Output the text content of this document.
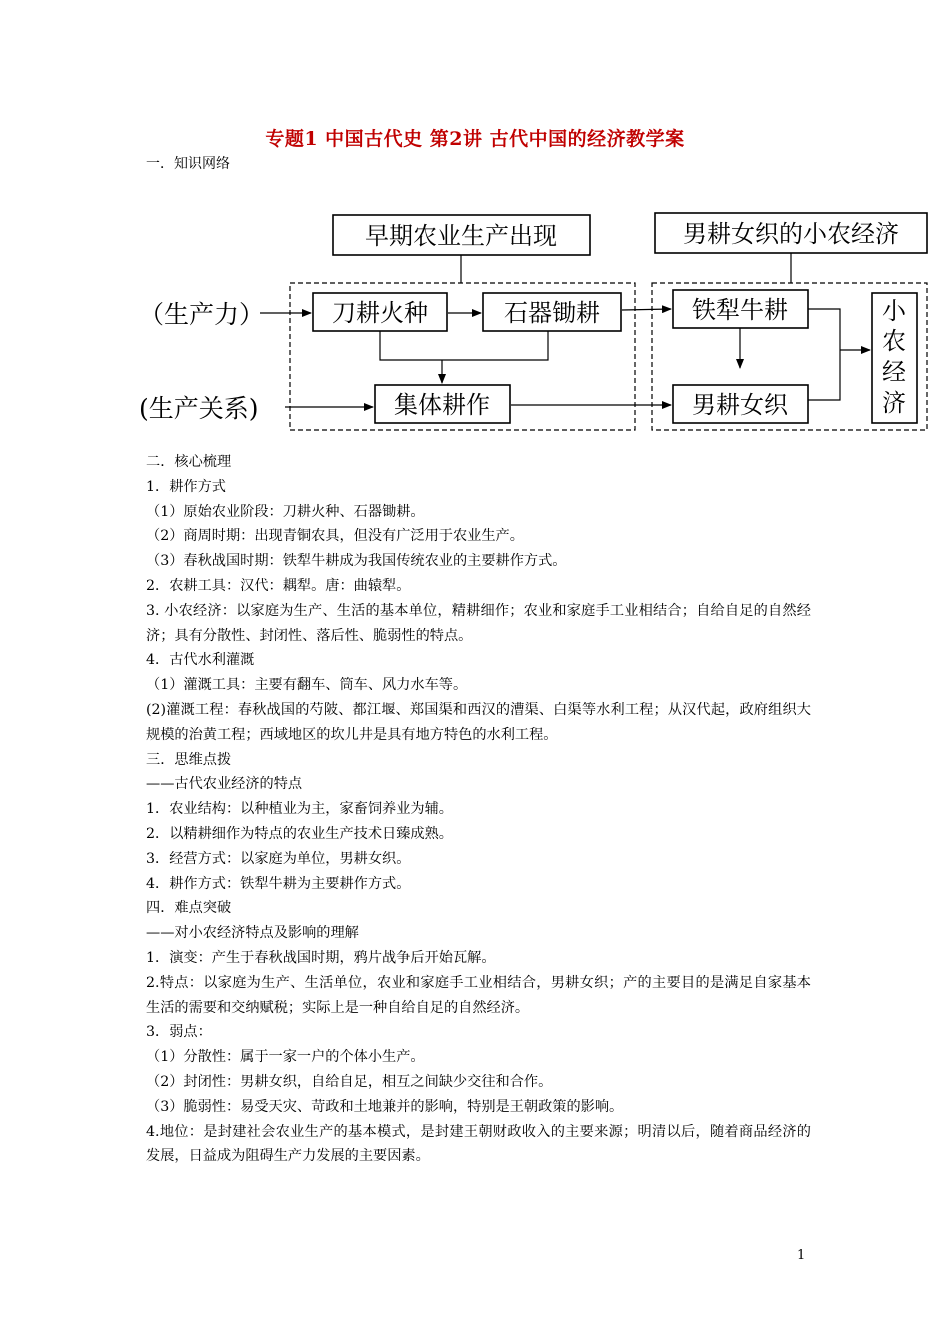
专题1 中国古代史 第2讲 古代中国的经济教学案
一．知识网络
早期农业生产出现	男耕女织的小农经济
（生产力）
(生产关系)
刀耕火种	石器锄耕	铁犁牛耕
集体耕作	男耕女织
小
农
经
济

二．核心梳理

1．耕作方式

（1）原始农业阶段：刀耕火种、石器锄耕。

（2）商周时期：出现青铜农具，但没有广泛用于农业生产。

（3）春秋战国时期：铁犁牛耕成为我国传统农业的主要耕作方式。

2．农耕工具：汉代：耦犁。唐：曲辕犁。

3. 小农经济：以家庭为生产、生活的基本单位，精耕细作；农业和家庭手工业相结合；自给自足的自然经济；具有分散性、封闭性、落后性、脆弱性的特点。

4．古代水利灌溉

（1）灌溉工具：主要有翻车、筒车、风力水车等。

(2)灌溉工程：春秋战国的芍陂、都江堰、郑国渠和西汉的漕渠、白渠等水利工程；从汉代起，政府组织大规模的治黄工程；西域地区的坎儿井是具有地方特色的水利工程。

三．思维点拨

——古代农业经济的特点

1．农业结构：以种植业为主，家畜饲养业为辅。

2．以精耕细作为特点的农业生产技术日臻成熟。

3．经营方式：以家庭为单位，男耕女织。

4．耕作方式：铁犁牛耕为主要耕作方式。

四．难点突破

——对小农经济特点及影响的理解

1．演变：产生于春秋战国时期，鸦片战争后开始瓦解。

2.特点：以家庭为生产、生活单位，农业和家庭手工业相结合，男耕女织；产的主要目的是满足自家基本生活的需要和交纳赋税；实际上是一种自给自足的自然经济。

3．弱点：

（1）分散性：属于一家一户的个体小生产。

（2）封闭性：男耕女织，自给自足，相互之间缺少交往和合作。

（3）脆弱性：易受天灾、苛政和土地兼并的影响，特别是王朝政策的影响。

4.地位：是封建社会农业生产的基本模式，是封建王朝财政收入的主要来源；明清以后，随着商品经济的发展，日益成为阻碍生产力发展的主要因素。

1
